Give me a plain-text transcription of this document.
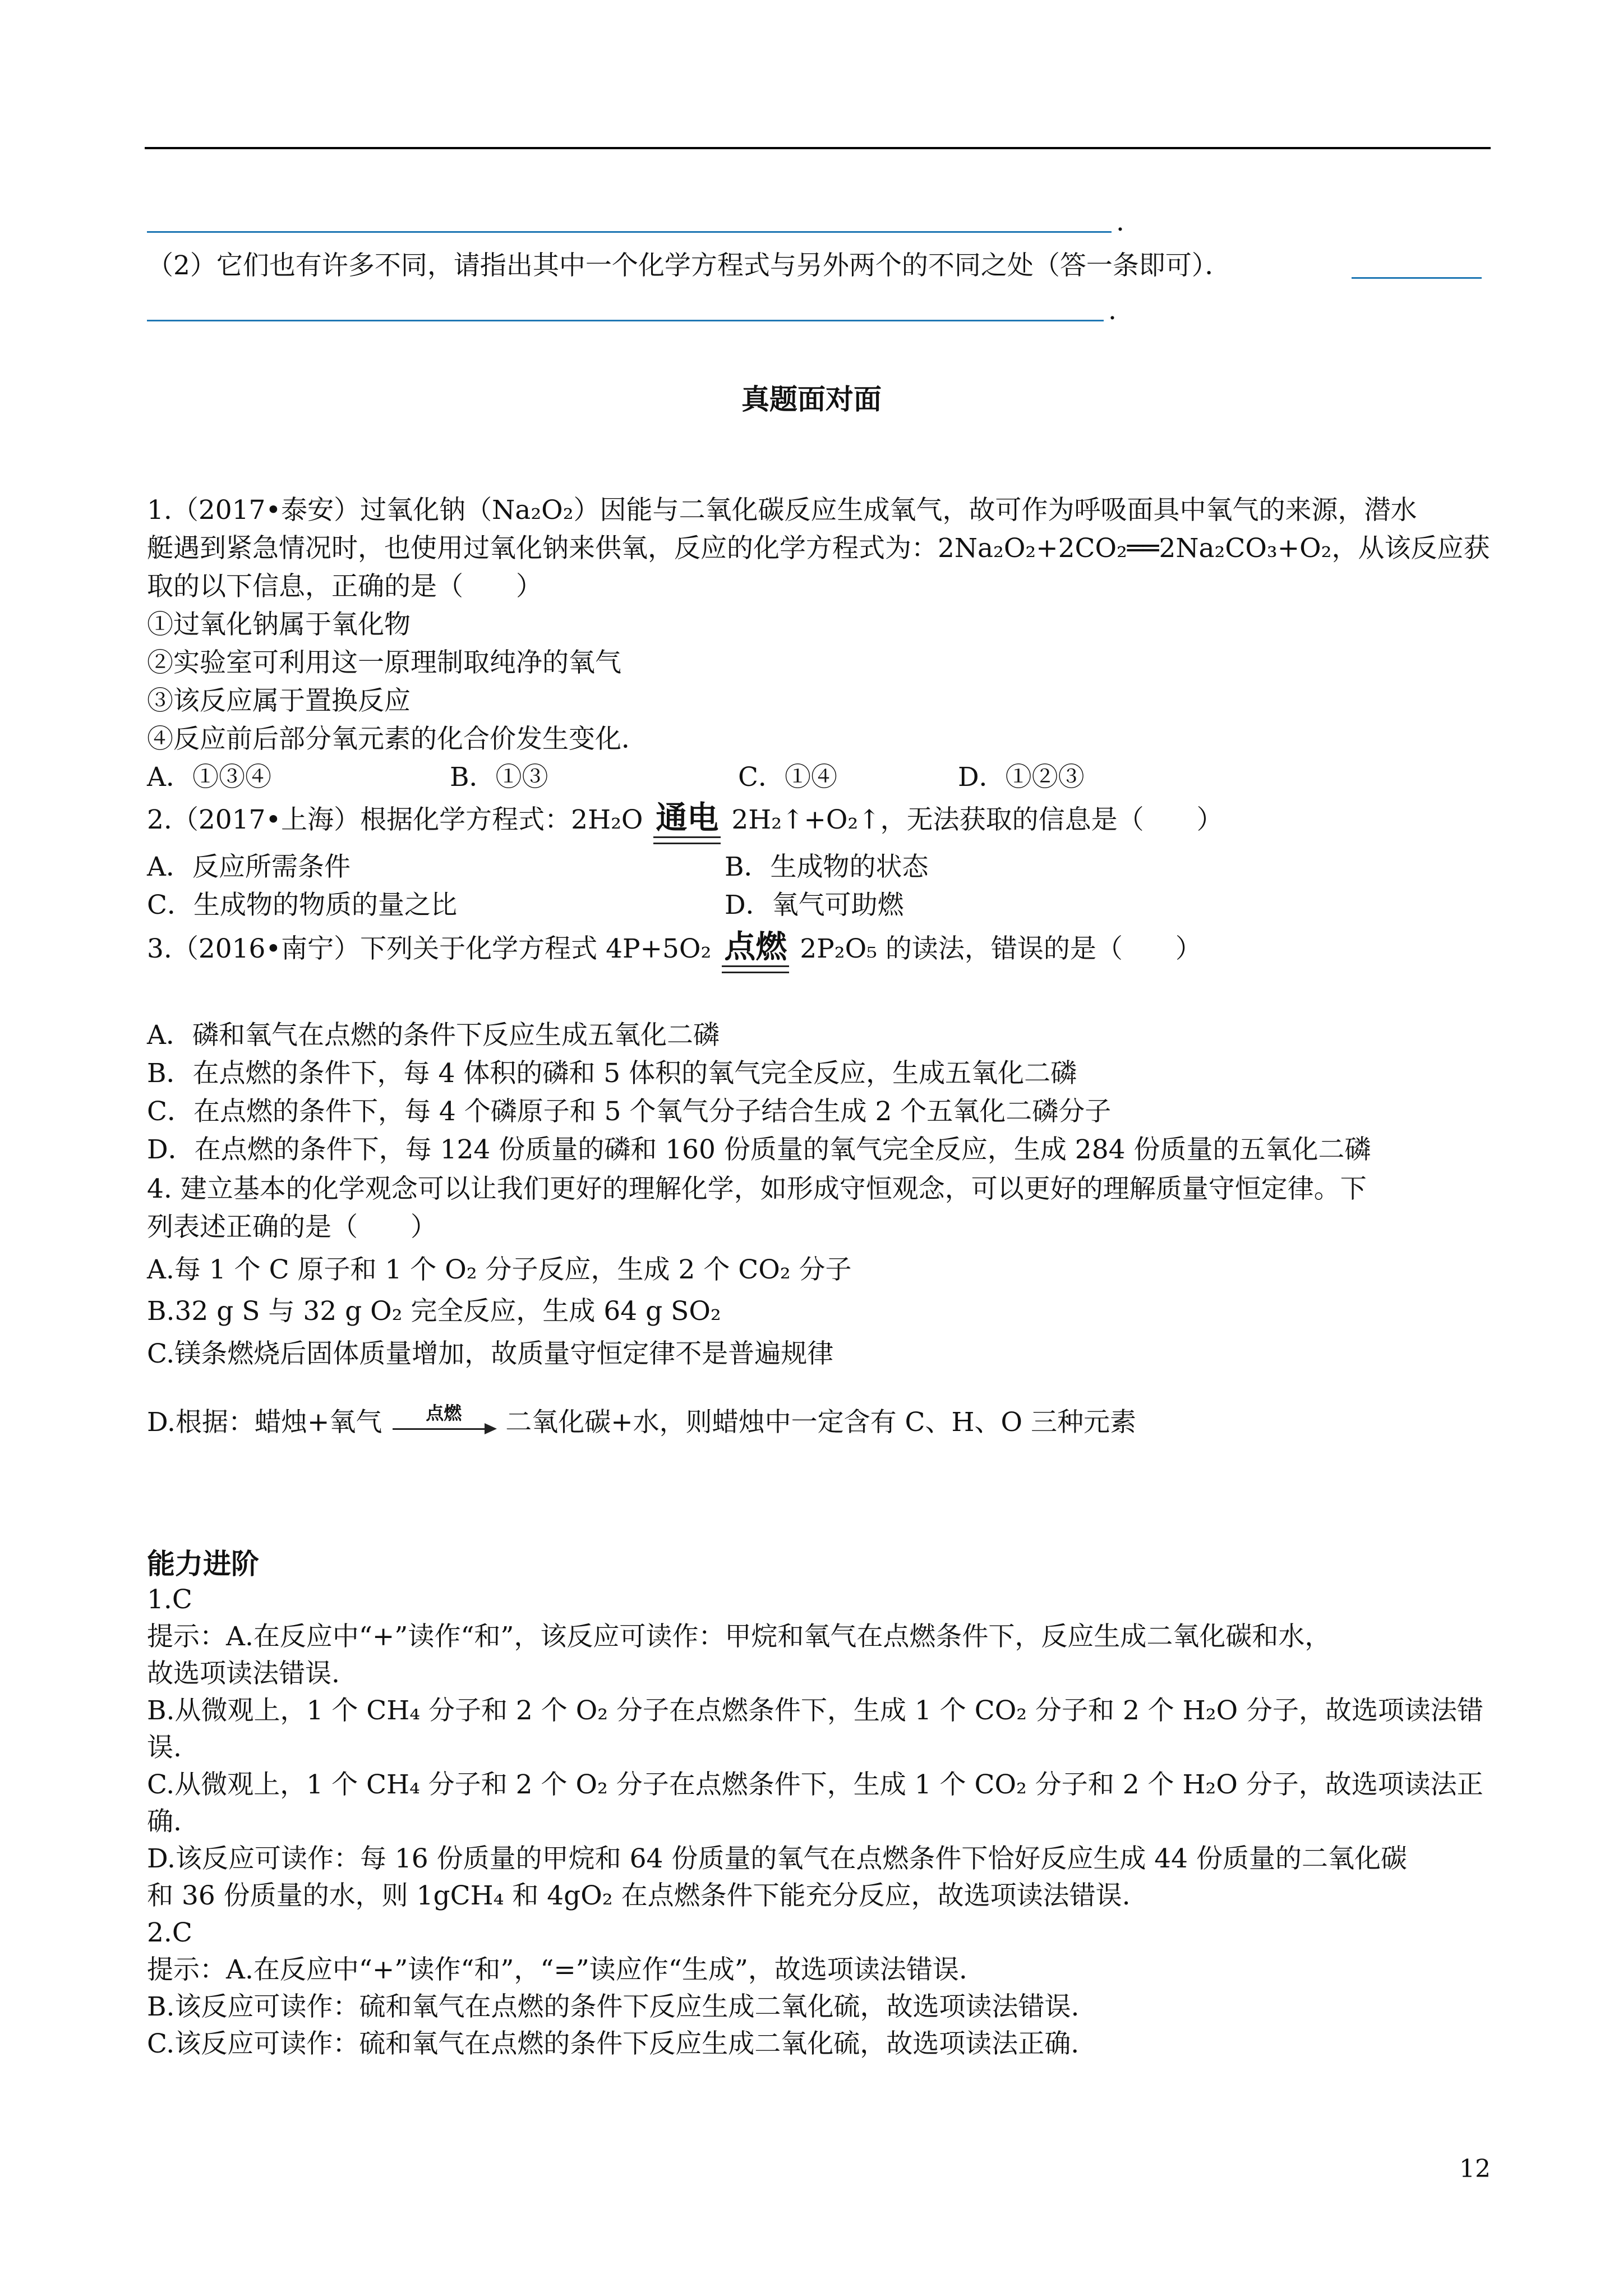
.
（2）它们也有许多不同，请指出其中一个化学方程式与另外两个的不同之处（答一条即可）．
.
真题面对面
1.（2017•泰安）过氧化钠（Na₂O₂）因能与二氧化碳反应生成氧气，故可作为呼吸面具中氧气的来源，潜水
艇遇到紧急情况时，也使用过氧化钠来供氧，反应的化学方程式为：2Na₂O₂+2CO₂══2Na₂CO₃+O₂，从该反应获
取的以下信息，正确的是（　　）
①过氧化钠属于氧化物
②实验室可利用这一原理制取纯净的氧气
③该反应属于置换反应
④反应前后部分氧元素的化合价发生变化．
A．①③④	B．①③	C．①④	D．①②③
2.（2017•上海）根据化学方程式：2H₂O 通电 2H₂↑+O₂↑，无法获取的信息是（　　）
A．反应所需条件	B．生成物的状态
C．生成物的物质的量之比	D．氧气可助燃
3.（2016•南宁）下列关于化学方程式 4P+5O₂ 点燃 2P₂O₅ 的读法，错误的是（　　）
A．磷和氧气在点燃的条件下反应生成五氧化二磷
B．在点燃的条件下，每 4 体积的磷和 5 体积的氧气完全反应，生成五氧化二磷
C．在点燃的条件下，每 4 个磷原子和 5 个氧气分子结合生成 2 个五氧化二磷分子
D．在点燃的条件下，每 124 份质量的磷和 160 份质量的氧气完全反应，生成 284 份质量的五氧化二磷
4. 建立基本的化学观念可以让我们更好的理解化学，如形成守恒观念，可以更好的理解质量守恒定律。下
列表述正确的是（　　）
A.每 1 个 C 原子和 1 个 O₂ 分子反应，生成 2 个 CO₂ 分子
B.32 g S 与 32 g O₂ 完全反应，生成 64 g SO₂
C.镁条燃烧后固体质量增加，故质量守恒定律不是普遍规律
D.根据：蜡烛+氧气	点燃	二氧化碳+水，则蜡烛中一定含有 C、H、O 三种元素
能力进阶
1.C
提示：A.在反应中“+”读作“和”，该反应可读作：甲烷和氧气在点燃条件下，反应生成二氧化碳和水，
故选项读法错误.
B.从微观上，1 个 CH₄ 分子和 2 个 O₂ 分子在点燃条件下，生成 1 个 CO₂ 分子和 2 个 H₂O 分子，故选项读法错
误.
C.从微观上，1 个 CH₄ 分子和 2 个 O₂ 分子在点燃条件下，生成 1 个 CO₂ 分子和 2 个 H₂O 分子，故选项读法正
确.
D.该反应可读作：每 16 份质量的甲烷和 64 份质量的氧气在点燃条件下恰好反应生成 44 份质量的二氧化碳
和 36 份质量的水，则 1gCH₄ 和 4gO₂ 在点燃条件下能充分反应，故选项读法错误.
2.C
提示：A.在反应中“+”读作“和”，“=”读应作“生成”，故选项读法错误.
B.该反应可读作：硫和氧气在点燃的条件下反应生成二氧化硫，故选项读法错误.
C.该反应可读作：硫和氧气在点燃的条件下反应生成二氧化硫，故选项读法正确.
12
